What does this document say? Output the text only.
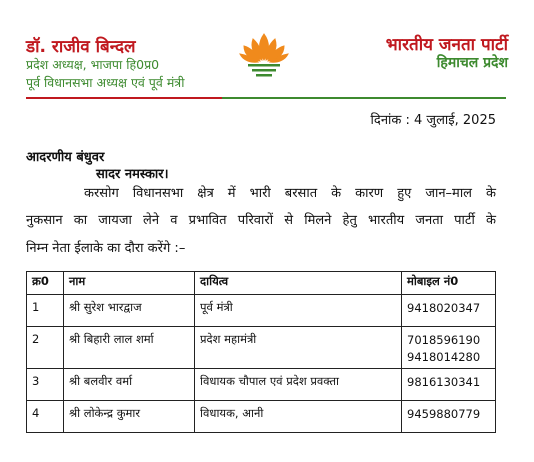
डॉ. राजीव बिन्दल
प्रदेश अध्यक्ष, भाजपा हि0प्र0
पूर्व विधानसभा अध्यक्ष एवं पूर्व मंत्री
भारतीय जनता पार्टी
हिमाचल प्रदेश
दिनांक : 4 जुलाई, 2025
आदरणीय बंधुवर
सादर नमस्कार।
करसोग विधानसभा क्षेत्र में भारी बरसात के कारण हुए जान–माल के
नुकसान का जायजा लेने व प्रभावित परिवारों से मिलने हेतु भारतीय जनता पार्टी के
निम्न नेता ईलाके का दौरा करेंगे :–
क्र0	नाम	दायित्व	मोबाइल नं0
1	श्री सुरेश भारद्वाज	पूर्व मंत्री	9418020347

2	श्री बिहारी लाल शर्मा	प्रदेश महामंत्री	7018596190
9418014280

3	श्री बलवीर वर्मा	विधायक चौपाल एवं प्रदेश प्रवक्ता	9816130341

4	श्री लोकेन्द्र कुमार	विधायक, आनी	9459880779
